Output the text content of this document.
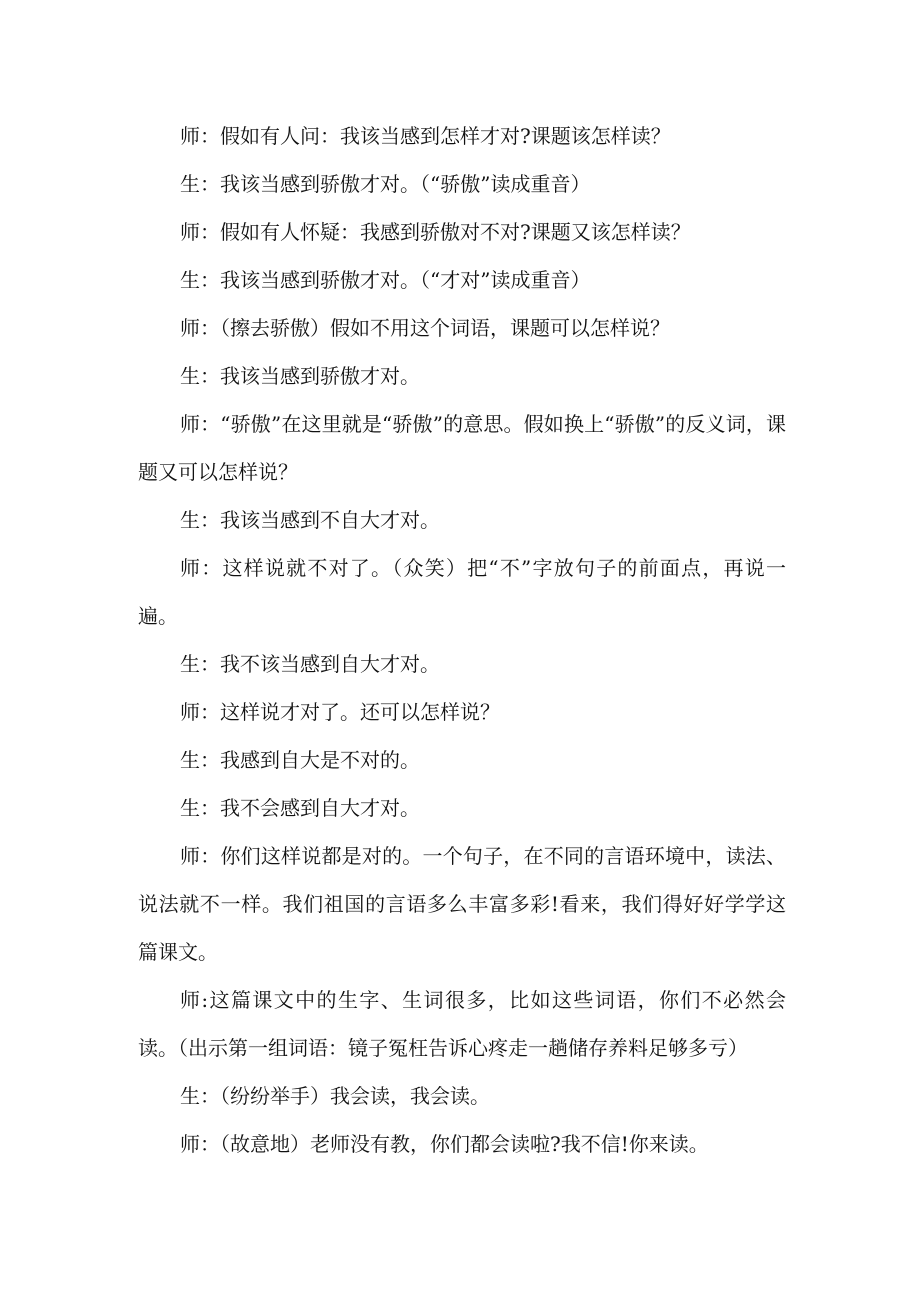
师：假如有人问：我该当感到怎样才对?课题该怎样读？

生：我该当感到骄傲才对。（“骄傲”读成重音）

师：假如有人怀疑：我感到骄傲对不对?课题又该怎样读？

生：我该当感到骄傲才对。（“才对”读成重音）

师：（擦去骄傲）假如不用这个词语，课题可以怎样说？

生：我该当感到骄傲才对。

师：“骄傲”在这里就是“骄傲”的意思。假如换上“骄傲”的反义词，课题又可以怎样说？

生：我该当感到不自大才对。

师：这样说就不对了。（众笑）把“不”字放句子的前面点，再说一遍。

生：我不该当感到自大才对。

师：这样说才对了。还可以怎样说？

生：我感到自大是不对的。

生：我不会感到自大才对。

师：你们这样说都是对的。一个句子，在不同的言语环境中，读法、说法就不一样。我们祖国的言语多么丰富多彩!看来，我们得好好学学这篇课文。

师:这篇课文中的生字、生词很多，比如这些词语，你们不必然会读。（出示第一组词语：镜子冤枉告诉心疼走一趟储存养料足够多亏）

生：（纷纷举手）我会读，我会读。

师：（故意地）老师没有教，你们都会读啦?我不信!你来读。
